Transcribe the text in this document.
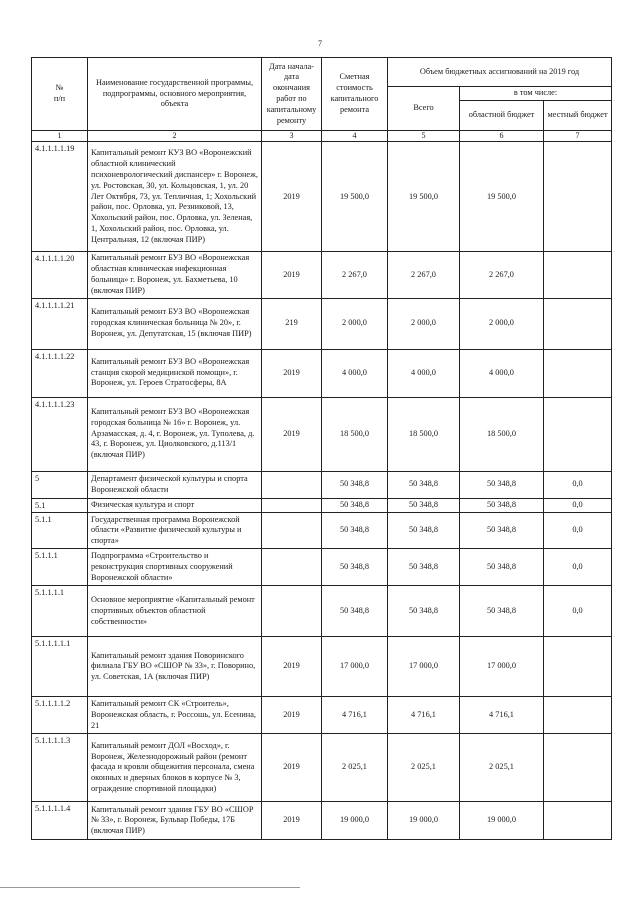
7
№
п/п	Наименование государственной программы, подпрограммы, основного мероприятия, объекта	Дата начала-дата окончания работ по капитальному ремонту	Сметная стоимость капитального ремонта	Объем бюджетных ассигнований на 2019 год		
				Всего	в том числе:	
					областной бюджет	местный бюджет
1	2	3	4	5	6	7
4.1.1.1.1.19	Капитальный ремонт КУЗ ВО «Воронежский областной клинический психоневрологический диспансер» г. Воронеж, ул. Ростовская, 30, ул. Кольцовская, 1, ул. 20 Лет Октября, 73, ул. Тепличная, 1; Хохольский район, пос. Орловка, ул. Резниковой, 13, Хохольский район, пос. Орловка, ул. Зеленая, 1, Хохольский район, пос. Орловка, ул. Центральная, 12 (включая ПИР)	2019	19 500,0	19 500,0	19 500,0	
4.1.1.1.1.20	Капитальный ремонт БУЗ ВО «Воронежская областная клиническая инфекционная больница» г. Воронеж, ул. Бахметьева, 10 (включая ПИР)	2019	2 267,0	2 267,0	2 267,0	
4.1.1.1.1.21	Капитальный ремонт БУЗ ВО «Воронежская городская клиническая больница № 20», г. Воронеж, ул. Депутатская, 15 (включая ПИР)	219	2 000,0	2 000,0	2 000,0	
4.1.1.1.1.22	Капитальный ремонт БУЗ ВО «Воронежская станция скорой медицинской помощи», г. Воронеж, ул. Героев Стратосферы, 8А	2019	4 000,0	4 000,0	4 000,0	
4.1.1.1.1.23	Капитальный ремонт БУЗ ВО «Воронежская городская больница № 16» г. Воронеж, ул. Арзамасская, д. 4, г. Воронеж, ул. Туполева, д. 43, г. Воронеж, ул. Циолковского, д.113/1 (включая ПИР)	2019	18 500,0	18 500,0	18 500,0	
5	Департамент физической культуры и спорта Воронежской области		50 348,8	50 348,8	50 348,8	0,0
5.1	Физическая культура и спорт		50 348,8	50 348,8	50 348,8	0,0
5.1.1	Государственная программа Воронежской области «Развитие физической культуры и спорта»		50 348,8	50 348,8	50 348,8	0,0
5.1.1.1	Подпрограмма «Строительство и реконструкция спортивных сооружений Воронежской области»		50 348,8	50 348,8	50 348,8	0,0
5.1.1.1.1	Основное мероприятие «Капитальный ремонт спортивных объектов областной собственности»		50 348,8	50 348,8	50 348,8	0,0
5.1.1.1.1.1	Капитальный ремонт здания Поворинского филиала ГБУ ВО «СШОР № 33», г. Поворино, ул. Советская, 1А (включая ПИР)	2019	17 000,0	17 000,0	17 000,0	
5.1.1.1.1.2	Капитальный ремонт СК «Строитель», Воронежская область, г. Россошь, ул. Есенина, 21	2019	4 716,1	4 716,1	4 716,1	
5.1.1.1.1.3	Капитальный ремонт ДОЛ «Восход», г. Воронеж, Железнодорожный район (ремонт фасада и кровли общежития персонала, смена оконных и дверных блоков в корпусе № 3, ограждение спортивной площадки)	2019	2 025,1	2 025,1	2 025,1	
5.1.1.1.1.4	Капитальный ремонт здания ГБУ ВО «СШОР № 33», г. Воронеж, Бульвар Победы, 17Б (включая ПИР)	2019	19 000,0	19 000,0	19 000,0	
